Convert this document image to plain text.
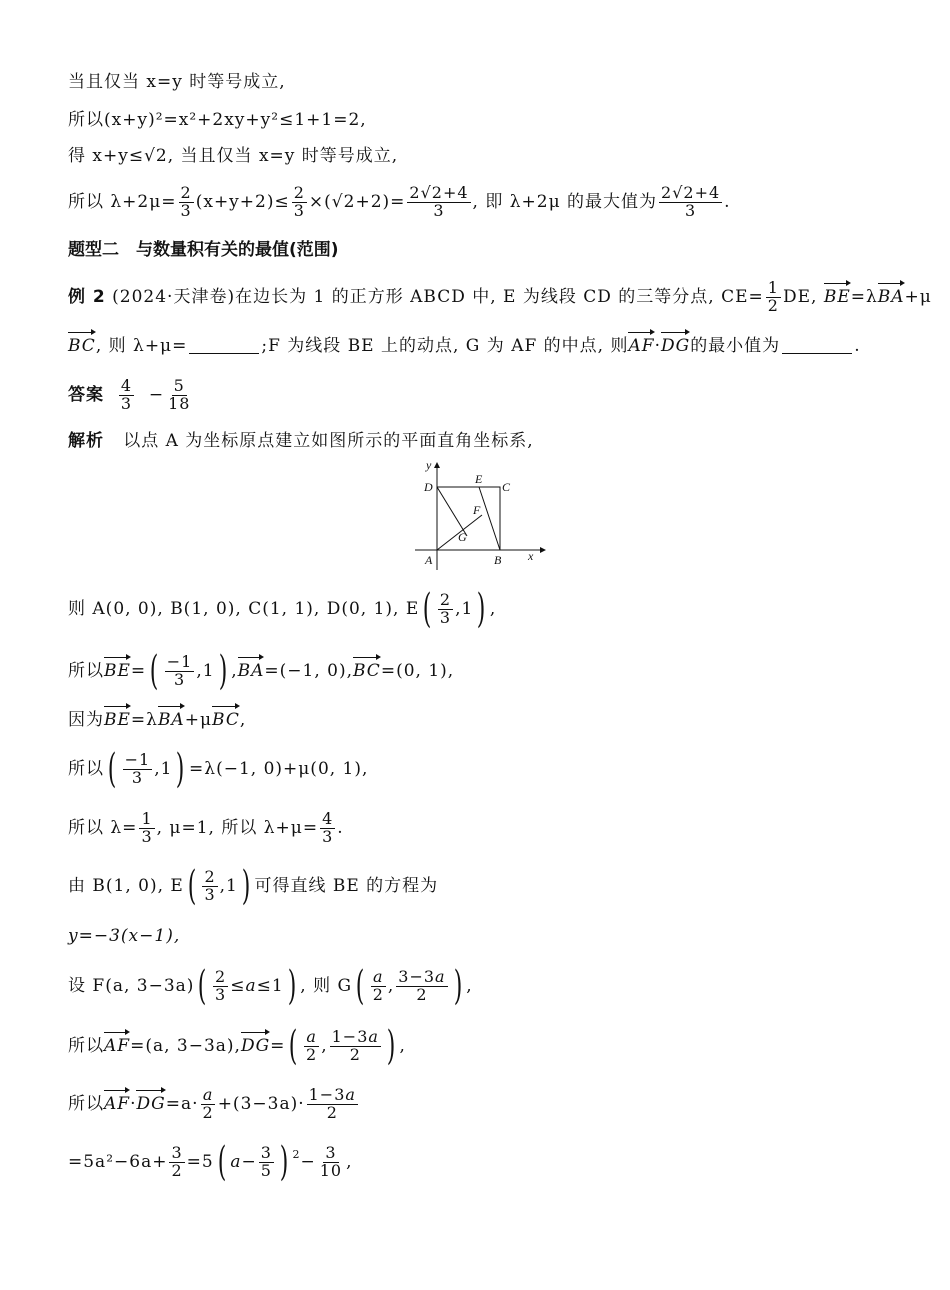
当且仅当 x=y 时等号成立,
所以(x+y)²=x²+2xy+y²≤1+1=2,
得 x+y≤√2, 当且仅当 x=y 时等号成立,
所以 $\lambda+2\mu= \frac{2}{3} (x+y+2)\le \frac{2}{3} \times(√2+2)= \frac{2√2+4}{3}$ , 即 λ+2μ 的最大值为 $\frac{2√2+4}{3}$ .
题型二　与数量积有关的最值(范围)
例 2
(2024·天津卷)在边长为 1 的正方形 ABCD 中, E 为线段 CD 的三等分点, $CE= \frac{1}{2}$ DE,
BE =λ BA +μ
BC , 则 λ+μ=	;F 为线段 BE 上的动点, G 为 AF 的中点, 则 AF · DG 的最小值为	.
答案
$\frac{4}{3}$
− $\frac{5}{18}$
解析
以点 A 为坐标原点建立如图所示的平面直角坐标系,
y
D
E
C
F
G
A	B x
则 A(0, 0), B(1, 0), C(1, 1), D(0, 1), E ( $\frac{2}{3} ,1$ ) ,
所以 BE = ( $\frac{-1}{3} ,1$ ) , BA =(−1, 0), BC =(0, 1),
因为 BE =λ BA +μ BC ,
所以 ( $\frac{-1}{3} ,1$ ) =λ(−1, 0)+μ(0, 1),
所以 $\lambda= \frac{1}{3}$ , μ=1, 所以 $\lambda+\mu= \frac{4}{3}$ .
由 B(1, 0), E ( $\frac{2}{3} ,1$ ) 可得直线 BE 的方程为
y=−3(x−1),
设 F(a, 3−3a) ( $\frac{2}{3} \le a \le 1$ ) , 则 G ( $\frac{a}{2}$ , $\frac{3-3a}{2}$ ) ,
所以 AF =(a, 3−3a), DG = ( $\frac{a}{2}$ , $\frac{1-3a}{2}$ ) ,
所以 AF · DG $=a\cdot \frac{a}{2} +(3-3a)\cdot \frac{1-3a}{2}$
$=5a^2-6a+ \frac{3}{2} =5$ ( $a - \frac{3}{5}$ ) $2 - \frac{3}{10}$ ,
